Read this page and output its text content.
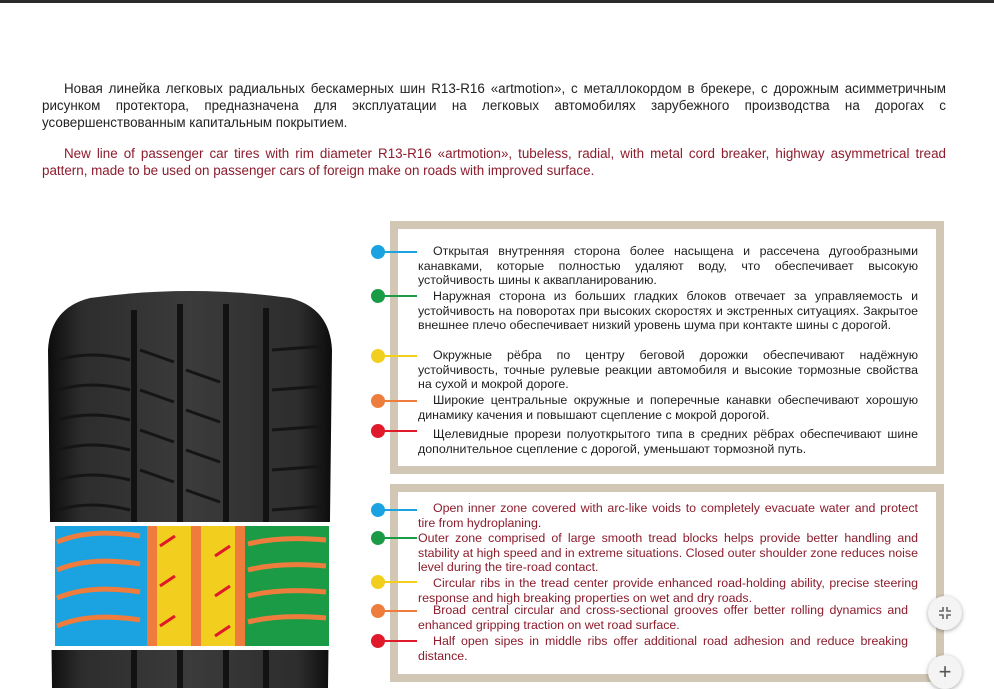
Новая линейка легковых радиальных бескамерных шин R13-R16 «artmotion», с металлокордом в брекере, с дорожным асимметричным рисунком протектора, предназначена для эксплуатации на легковых автомобилях зарубежного производства на дорогах с усовершенствованным капитальным покрытием.

New line of passenger car tires with rim diameter R13-R16 «artmotion», tubeless, radial, with metal cord breaker, highway asymmetrical tread pattern, made to be used on passenger cars of foreign make on roads with improved surface.

Открытая внутренняя сторона более насыщена и рассечена дугообразными канавками, которые полностью удаляют воду, что обеспечивает высокую устойчивость шины к аквапланированию.

Наружная сторона из больших гладких блоков отвечает за управляемость и устойчивость на поворотах при высоких скоростях и экстренных ситуациях. Закрытое внешнее плечо обеспечивает низкий уровень шума при контакте шины с дорогой.

Окружные рёбра по центру беговой дорожки обеспечивают надёжную устойчивость, точные рулевые реакции автомобиля и высокие тормозные свойства на сухой и мокрой дороге.

Широкие центральные окружные и поперечные канавки обеспечивают хорошую динамику качения и повышают сцепление с мокрой дорогой.

Щелевидные прорези полуоткрытого типа в средних рёбрах обеспечивают шине дополнительное сцепление с дорогой, уменьшают тормозной путь.

Open inner zone covered with arc-like voids to completely evacuate water and protect tire from hydroplaning.

Outer zone comprised of large smooth tread blocks helps provide better handling and stability at high speed and in extreme situations. Closed outer shoulder zone reduces noise level during the tire-road contact.

Circular ribs in the tread center provide enhanced road-holding ability, precise steering response and high breaking properties on wet and dry roads.

Broad central circular and cross-sectional grooves offer better rolling dynamics and enhanced gripping traction on wet road surface.

Half open sipes in middle ribs offer additional road adhesion and reduce breaking distance.

+
